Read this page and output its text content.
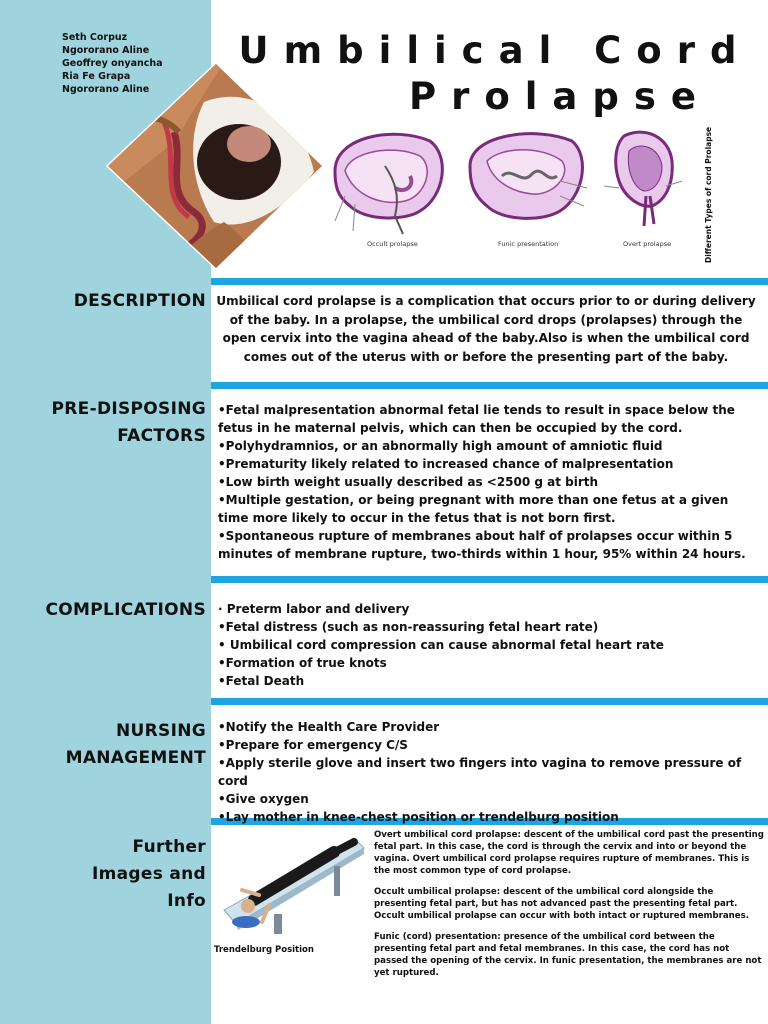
Seth Corpuz
Ngororano Aline
Geoffrey onyancha
Ria Fe Grapa
Ngororano Aline
Umbilical Cord
Prolapse
Occult prolapse	Funic presentation	Overt prolapse	Different Types of cord Prolapse
DESCRIPTION Umbilical cord prolapse is a complication that occurs prior to or during delivery of the baby. In a prolapse, the umbilical cord drops (prolapses) through the open cervix into the vagina ahead of the baby.Also is when the umbilical cord comes out of the uterus with or before the presenting part of the baby.
PRE-DISPOSING
FACTORS
•Fetal malpresentation abnormal fetal lie tends to result in space below the fetus in he maternal pelvis, which can then be occupied by the cord.
•Polyhydramnios, or an abnormally high amount of amniotic fluid
•Prematurity likely related to increased chance of malpresentation
•Low birth weight usually described as <2500 g at birth
•Multiple gestation, or being pregnant with more than one fetus at a given time more likely to occur in the fetus that is not born first.
•Spontaneous rupture of membranes about half of prolapses occur within 5 minutes of membrane rupture, two-thirds within 1 hour, 95% within 24 hours.
COMPLICATIONS · Preterm labor and delivery
•Fetal distress (such as non-reassuring fetal heart rate)
• Umbilical cord compression can cause abnormal fetal heart rate
•Formation of true knots
•Fetal Death
NURSING
MANAGEMENT
•Notify the Health Care Provider
•Prepare for emergency C/S
•Apply sterile glove and insert two fingers into vagina to remove pressure of cord
•Give oxygen
•Lay mother in knee-chest position or trendelburg position
Further
Images and
Info
Trendelburg Position

Overt umbilical cord prolapse: descent of the umbilical cord past the presenting fetal part. In this case, the cord is through the cervix and into or beyond the vagina. Overt umbilical cord prolapse requires rupture of membranes. This is the most common type of cord prolapse.

Occult umbilical prolapse: descent of the umbilical cord alongside the presenting fetal part, but has not advanced past the presenting fetal part. Occult umbilical prolapse can occur with both intact or ruptured membranes.

Funic (cord) presentation: presence of the umbilical cord between the presenting fetal part and fetal membranes. In this case, the cord has not passed the opening of the cervix. In funic presentation, the membranes are not yet ruptured.
